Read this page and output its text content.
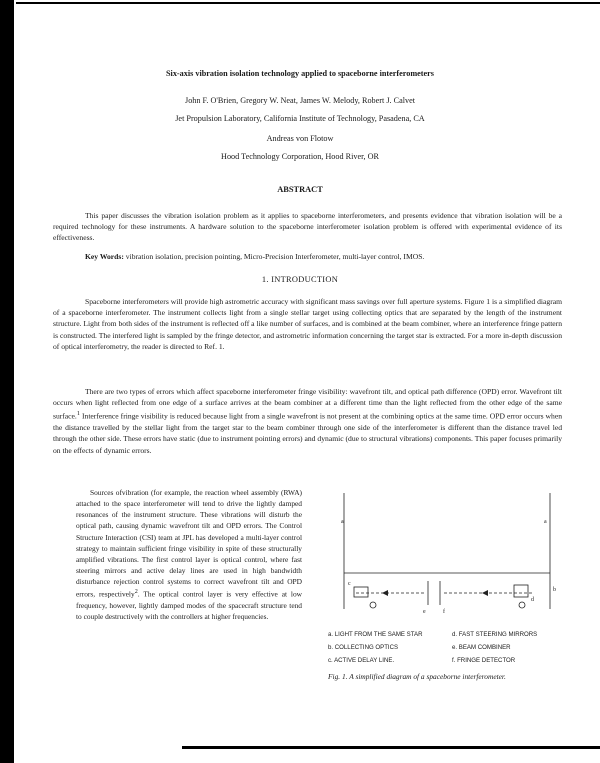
Six-axis vibration isolation technology applied to spaceborne interferometers
John F. O'Brien, Gregory W. Neat, James W. Melody, Robert J. Calvet
Jet Propulsion Laboratory, California Institute of Technology, Pasadena, CA
Andreas von Flotow
Hood Technology Corporation, Hood River, OR
ABSTRACT
This paper discusses the vibration isolation problem as it applies to spaceborne interferometers, and presents evidence that vibration isolation will be a required technology for these instruments. A hardware solution to the spaceborne interferometer isolation problem is offered with experimental evidence of its effectiveness.
Key Words: vibration isolation, precision pointing, Micro-Precision Interferometer, multi-layer control, IMOS.
1. INTRODUCTION
Spaceborne interferometers will provide high astrometric accuracy with significant mass savings over full aperture systems. Figure 1 is a simplified diagram of a spaceborne interferometer. The instrument collects light from a single stellar target using collecting optics that are separated by the length of the instrument structure. Light from both sides of the instrument is reflected off a like number of surfaces, and is combined at the beam combiner, where an interference fringe pattern is constructed. The interfered light is sampled by the fringe detector, and astrometric information concerning the target star is extracted. For a more in-depth discussion of optical interferometry, the reader is directed to Ref. 1.
There are two types of errors which affect spaceborne interferometer fringe visibility: wavefront tilt, and optical path difference (OPD) error. Wavefront tilt occurs when light reflected from one edge of a surface arrives at the beam combiner at a different time than the light reflected from the other edge of the same surface.$^1$ Interference fringe visibility is reduced because light from a single wavefront is not present at the combining optics at the same time. OPD error occurs when the distance travelled by the stellar light from the target star to the beam combiner through one side of the interferometer is different than the distance travel led through the other side. These errors have static (due to instrument pointing errors) and dynamic (due to structural vibrations) components. This paper focuses primarily on the effects of dynamic errors.
Sources ofvibration (for example, the reaction wheel assembly (RWA) attached to the space interferometer will tend to drive the lightly damped resonances of the instrument structure. These vibrations will disturb the optical path, causing dynamic wavefront tilt and OPD errors. The Control Structure Interaction (CSI) team at JPL has developed a multi-layer control strategy to maintain sufficient fringe visibility in spite of these structurally amplified vibrations. The first control layer is optical control, where fast steering mirrors and active delay lines are used in high bandwidth disturbance rejection control systems to correct wavefront tilt and OPD errors, respectively$^2$. The optical control layer is very effective at low frequency, however, lightly damped modes of the spacecraft structure tend to couple destructively with the controllers at higher frequencies.
a	a
c
b
d
e	f
a. LIGHT FROM THE SAME STAR	d. FAST STEERING MIRRORS
b. COLLECTING OPTICS	e. BEAM COMBINER
c. ACTIVE DELAY LINE.	f. FRINGE DETECTOR
Fig. 1. A simplified diagram of a spaceborne interferometer.
